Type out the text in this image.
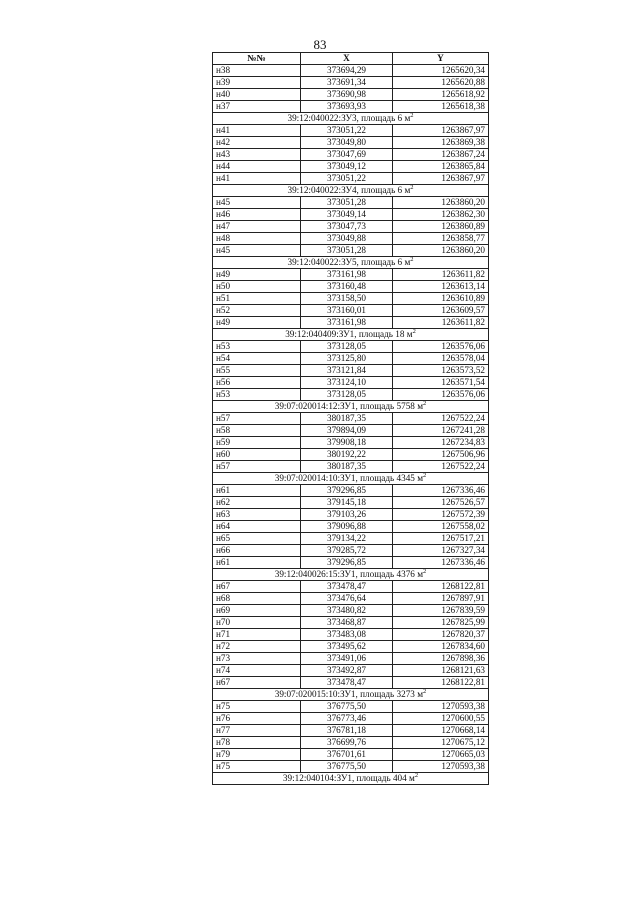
83
№№	X	Y
н38	373694,29	1265620,34
н39	373691,34	1265620,88
н40	373690,98	1265618,92
н37	373693,93	1265618,38
39:12:040022:ЗУ3, площадь 6 $м^2$
н41	373051,22	1263867,97
н42	373049,80	1263869,38
н43	373047,69	1263867,24
н44	373049,12	1263865,84
н41	373051,22	1263867,97
39:12:040022:ЗУ4, площадь 6 $м^2$
н45	373051,28	1263860,20
н46	373049,14	1263862,30
н47	373047,73	1263860,89
н48	373049,88	1263858,77
н45	373051,28	1263860,20
39:12:040022:ЗУ5, площадь 6 $м^2$
н49	373161,98	1263611,82
н50	373160,48	1263613,14
н51	373158,50	1263610,89
н52	373160,01	1263609,57
н49	373161,98	1263611,82
39:12:040409:ЗУ1, площадь 18 $м^2$
н53	373128,05	1263576,06
н54	373125,80	1263578,04
н55	373121,84	1263573,52
н56	373124,10	1263571,54
н53	373128,05	1263576,06
39:07:020014:12:ЗУ1, площадь 5758 $м^2$
н57	380187,35	1267522,24
н58	379894,09	1267241,28
н59	379908,18	1267234,83
н60	380192,22	1267506,96
н57	380187,35	1267522,24
39:07:020014:10:ЗУ1, площадь 4345 $м^2$
н61	379296,85	1267336,46
н62	379145,18	1267526,57
н63	379103,26	1267572,39
н64	379096,88	1267558,02
н65	379134,22	1267517,21
н66	379285,72	1267327,34
н61	379296,85	1267336,46
39:12:040026:15:ЗУ1, площадь 4376 $м^2$
н67	373478,47	1268122,81
н68	373476,64	1267897,91
н69	373480,82	1267839,59
н70	373468,87	1267825,99
н71	373483,08	1267820,37
н72	373495,62	1267834,60
н73	373491,06	1267898,36
н74	373492,87	1268121,63
н67	373478,47	1268122,81
39:07:020015:10:ЗУ1, площадь 3273 $м^2$
н75	376775,50	1270593,38
н76	376773,46	1270600,55
н77	376781,18	1270668,14
н78	376699,76	1270675,12
н79	376701,61	1270665,03
н75	376775,50	1270593,38
39:12:040104:ЗУ1, площадь 404 $м^2$
